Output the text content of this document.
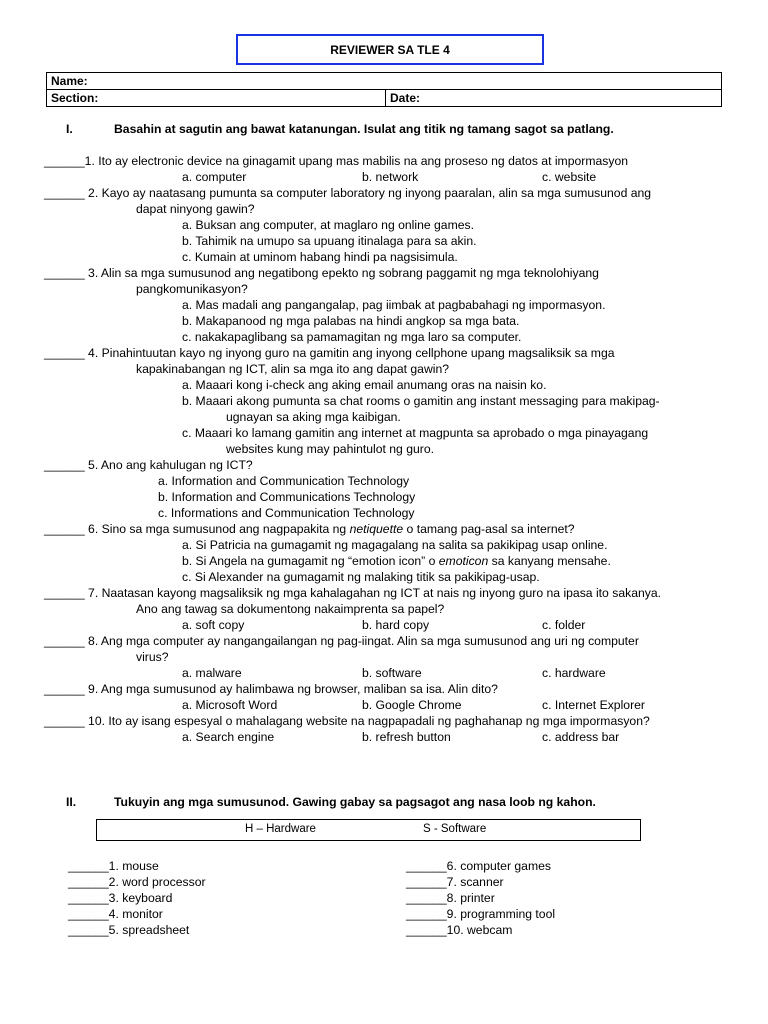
REVIEWER SA TLE 4
Name:
Section:	Date:
I.	Basahin at sagutin ang bawat katanungan. Isulat ang titik ng tamang sagot sa patlang.
______1. Ito ay electronic device na ginagamit upang mas mabilis na ang proseso ng datos at impormasyon
a. computer	b. network	c. website
______ 2. Kayo ay naatasang pumunta sa computer laboratory ng inyong paaralan, alin sa mga sumusunod ang
dapat ninyong gawin?
a. Buksan ang computer, at maglaro ng online games.
b. Tahimik na umupo sa upuang itinalaga para sa akin.
c. Kumain at uminom habang hindi pa nagsisimula.
______ 3. Alin sa mga sumusunod ang negatibong epekto ng sobrang paggamit ng mga teknolohiyang
pangkomunikasyon?
a. Mas madali ang pangangalap, pag iimbak at pagbabahagi ng impormasyon.
b. Makapanood ng mga palabas na hindi angkop sa mga bata.
c. nakakapaglibang sa pamamagitan ng mga laro sa computer.
______ 4. Pinahintuutan kayo ng inyong guro na gamitin ang inyong cellphone upang magsaliksik sa mga
kapakinabangan ng ICT, alin sa mga ito ang dapat gawin?
a. Maaari kong i-check ang aking email anumang oras na naisin ko.
b. Maaari akong pumunta sa chat rooms o gamitin ang instant messaging para makipag-
ugnayan sa aking mga kaibigan.
c. Maaari ko lamang gamitin ang internet at magpunta sa aprobado o mga pinayagang
websites kung may pahintulot ng guro.
______ 5. Ano ang kahulugan ng ICT?
a. Information and Communication Technology
b. Information and Communications Technology
c. Informations and Communication Technology
______ 6. Sino sa mga sumusunod ang nagpapakita ng netiquette o tamang pag-asal sa internet?
a. Si Patricia na gumagamit ng magagalang na salita sa pakikipag usap online.
b. Si Angela na gumagamit ng “emotion icon” o emoticon sa kanyang mensahe.
c. Si Alexander na gumagamit ng malaking titik sa pakikipag-usap.
______ 7. Naatasan kayong magsaliksik ng mga kahalagahan ng ICT at nais ng inyong guro na ipasa ito sakanya.
Ano ang tawag sa dokumentong nakaimprenta sa papel?
a. soft copy	b. hard copy	c. folder
______ 8. Ang mga computer ay nangangailangan ng pag-iingat. Alin sa mga sumusunod ang uri ng computer
virus?
a. malware	b. software	c. hardware
______ 9. Ang mga sumusunod ay halimbawa ng browser, maliban sa isa. Alin dito?
a. Microsoft Word	b. Google Chrome	c. Internet Explorer
______ 10. Ito ay isang espesyal o mahalagang website na nagpapadali ng paghahanap ng mga impormasyon?
a. Search engine	b. refresh button	c. address bar
II.	Tukuyin ang mga sumusunod. Gawing gabay sa pagsagot ang nasa loob ng kahon.
H – Hardware	S - Software
______1. mouse
______2. word processor
______3. keyboard
______4. monitor
______5. spreadsheet
______6. computer games
______7. scanner
______8. printer
______9. programming tool
______10. webcam
